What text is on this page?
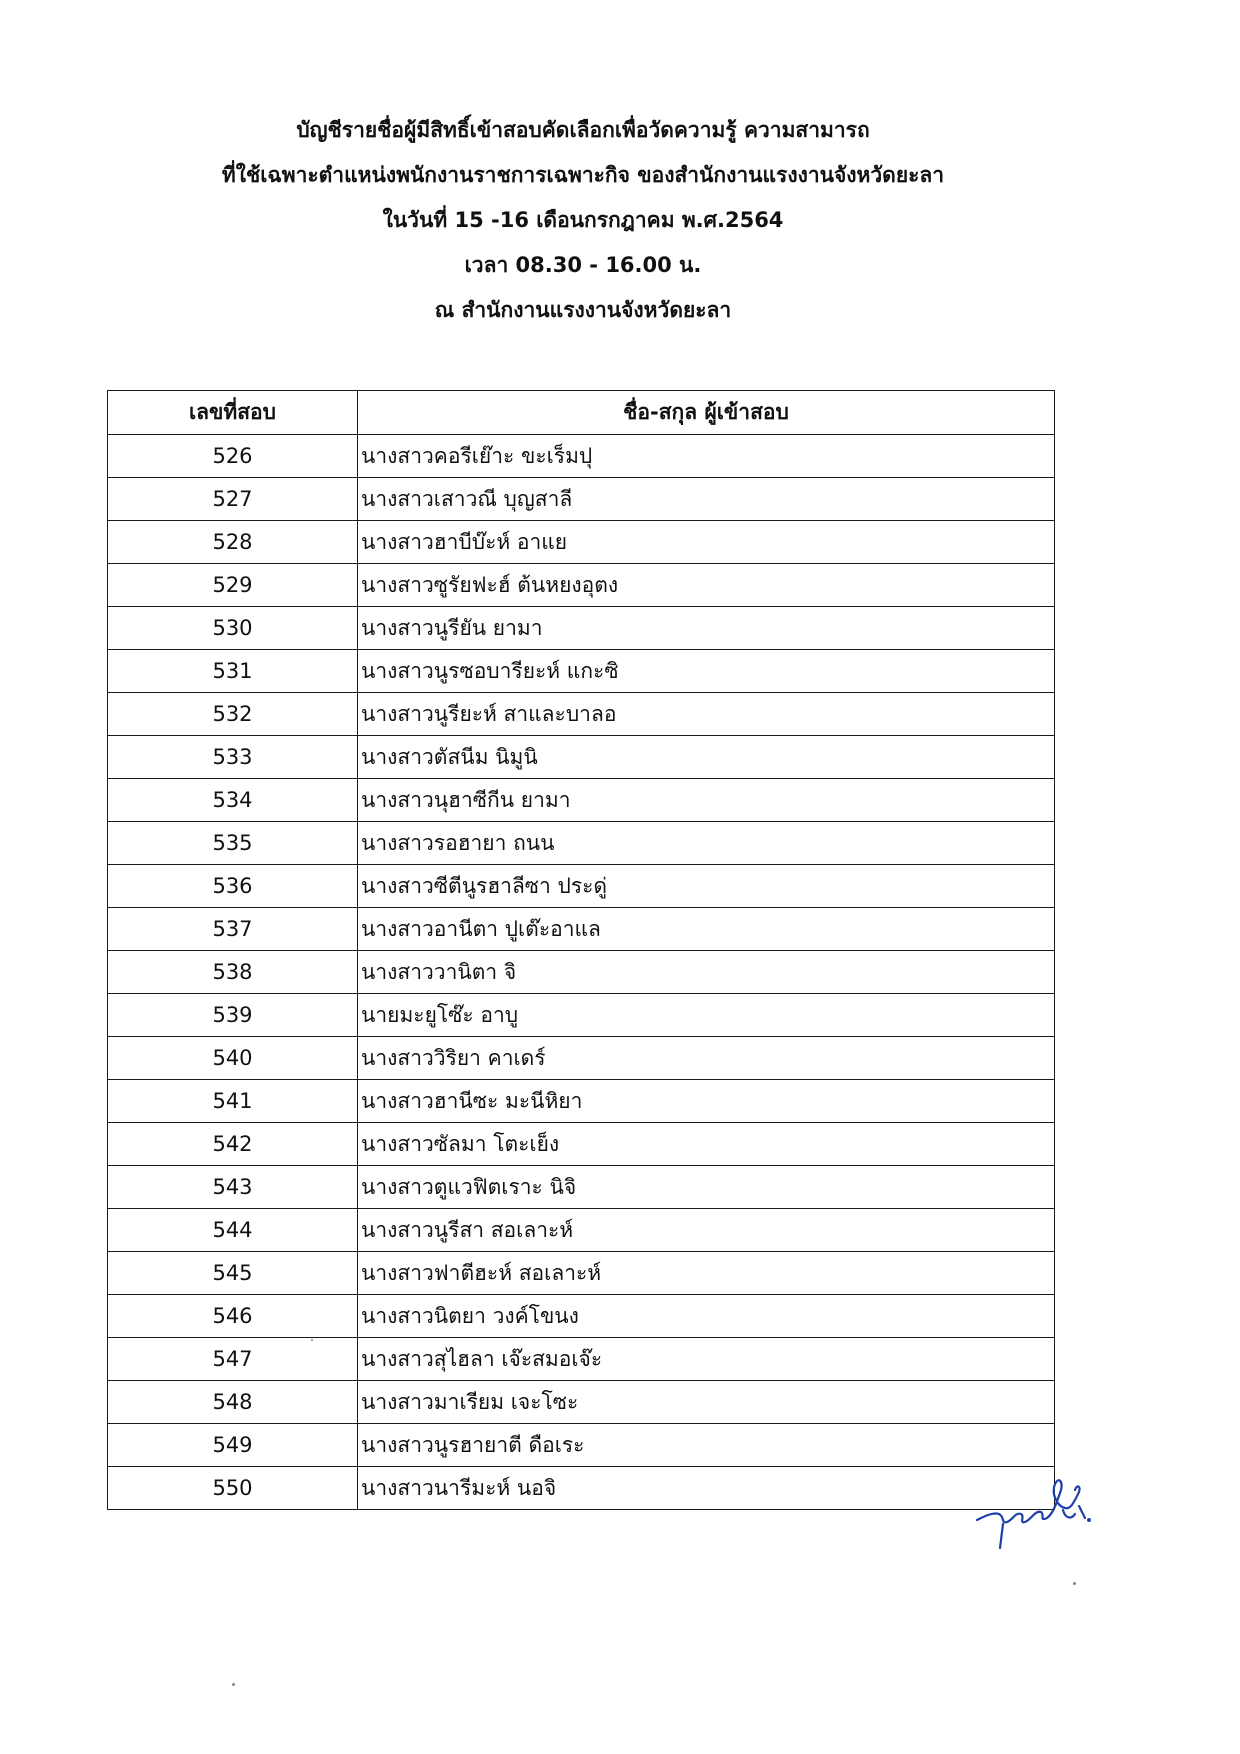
บัญชีรายชื่อผู้มีสิทธิ์เข้าสอบคัดเลือกเพื่อวัดความรู้ ความสามารถ
ที่ใช้เฉพาะตำแหน่งพนักงานราชการเฉพาะกิจ ของสำนักงานแรงงานจังหวัดยะลา
ในวันที่ 15 -16 เดือนกรกฎาคม พ.ศ.2564
เวลา 08.30 - 16.00 น.
ณ สำนักงานแรงงานจังหวัดยะลา
เลขที่สอบ	ชื่อ-สกุล ผู้เข้าสอบ
526	นางสาวคอรีเย๊าะ ขะเร็มปุ
527	นางสาวเสาวณี บุญสาลี
528	นางสาวฮาบีบ๊ะห์ อาแย
529	นางสาวซูรัยฟะฮ์ ต้นหยงอุตง
530	นางสาวนูรียัน ยามา
531	นางสาวนูรซอบารียะห์ แกะซิ
532	นางสาวนูรียะห์ สาและบาลอ
533	นางสาวตัสนีม นิมูนิ
534	นางสาวนุฮาซีกีน ยามา
535	นางสาวรอฮายา ถนน
536	นางสาวซีตีนูรฮาลีซา ประดู่
537	นางสาวอานีตา ปูเต๊ะอาแล
538	นางสาววานิตา จิ
539	นายมะยูโซ๊ะ อาบู
540	นางสาววิริยา คาเดร์
541	นางสาวฮานีซะ มะนีหิยา
542	นางสาวซัลมา โตะเย็ง
543	นางสาวตูแวฟิตเราะ นิจิ
544	นางสาวนูรีสา สอเลาะห์
545	นางสาวฟาตีฮะห์ สอเลาะห์
546	นางสาวนิตยา วงค์โขนง
547	นางสาวสุไฮลา เจ๊ะสมอเจ๊ะ
548	นางสาวมาเรียม เจะโซะ
549	นางสาวนูรฮายาตี ดือเระ
550	นางสาวนารีมะห์ นอจิ
